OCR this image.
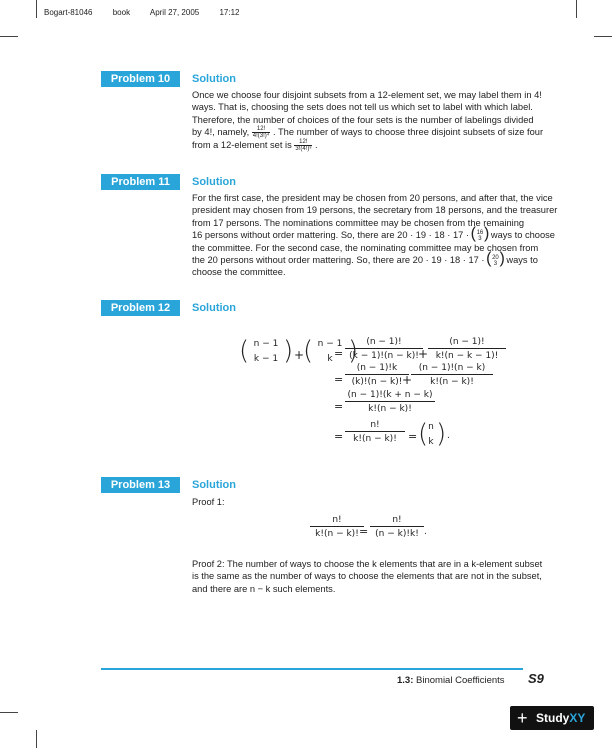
Bogart-81046	book April 27, 2005	17:12
Problem 10	Solution
Once we choose four disjoint subsets from a 12-element set, we may label them in 4!
ways. That is, choosing the sets does not tell us which set to label with which label.
Therefore, the number of choices of the four sets is the number of labelings divided
by 4!, namely, $\frac{12!}{\text{4!(3!)⁴}}$ . The number of ways to choose three disjoint subsets of size four
from a 12-element set is $\frac{12!}{\text{3!(4!)³}}$ .
Problem 11	Solution
For the first case, the president may be chosen from 20 persons, and after that, the vice
president may chosen from 19 persons, the secretary from 18 persons, and the treasurer
from 17 persons. The nominations committee may be chosen from the remaining
16 persons without order mattering. So, there are 20 · 19 · 18 · 17 · ( 16
3
) ways to choose
the committee. For the second case, the nominating committee may be chosen from
the 20 persons without order mattering. So, there are 20 · 19 · 18 · 17 · ( 20
3
) ways to
choose the committee.
Problem 12	Solution
( n − 1
k − 1 ) +
( n − 1
k )
= $\frac{(n - 1)!}{(k - 1)!(n - k)!}$
+ $\frac{(n - 1)!}{k!(n - k - 1)!}$
= $\frac{(n - 1)!k}{(k)!(n - k)!}$
+
$\frac{(n - 1)!(n - k)}{k!(n - k)!}$
= $\frac{(n - 1)!(k + n - k)}{k!(n - k)!}$
= $\frac{n!}{k!(n - k)!}$ = ( n
k ) .
Problem 13	Solution
Proof 1:
$\frac{n!}{k!(n - k)!}$
= $\frac{n!}{(n - k)!k!}$ .
Proof 2: The number of ways to choose the k elements that are in a k-element subset
is the same as the number of ways to choose the elements that are not in the subset,
and there are n − k such elements.
1.3: Binomial Coefficients S9
+ StudyXY
